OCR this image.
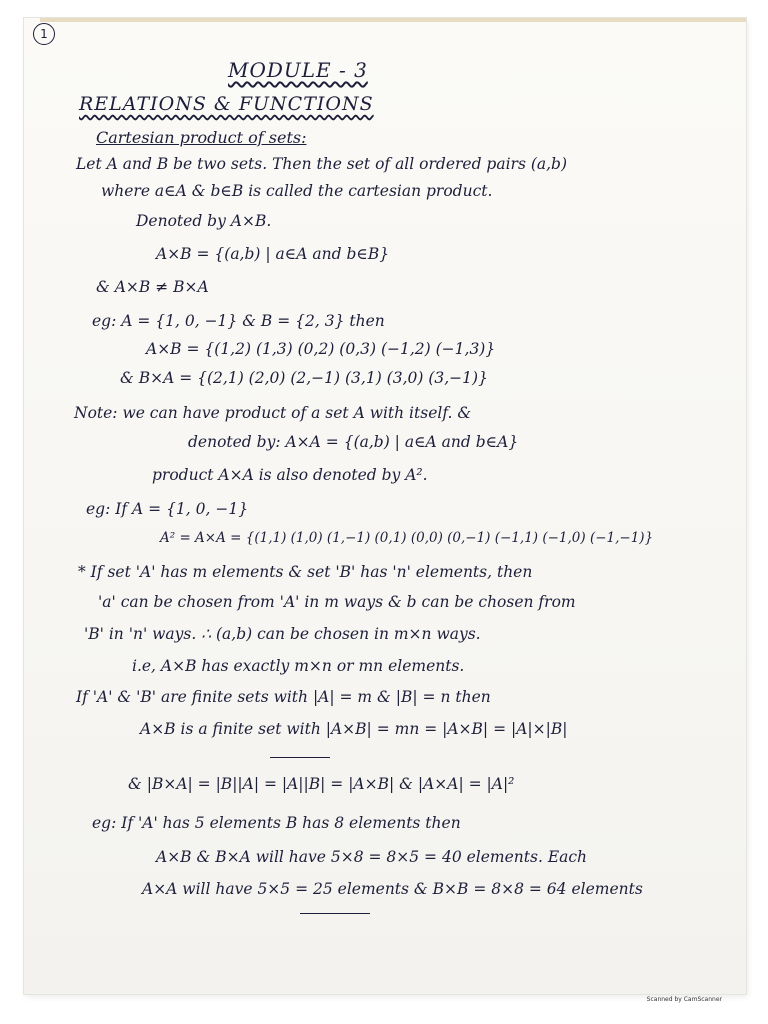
1
MODULE - 3
RELATIONS & FUNCTIONS
Cartesian product of sets:
Let A and B be two sets. Then the set of all ordered pairs (a,b)
where a∈A & b∈B is called the cartesian product.
Denoted by A×B.
A×B = {(a,b) | a∈A and b∈B}
& A×B ≠ B×A
eg: A = {1, 0, −1} & B = {2, 3} then
A×B = {(1,2) (1,3) (0,2) (0,3) (−1,2) (−1,3)}
& B×A = {(2,1) (2,0) (2,−1) (3,1) (3,0) (3,−1)}
Note: we can have product of a set A with itself. &
denoted by: A×A = {(a,b) | a∈A and b∈A}
product A×A is also denoted by A².
eg: If A = {1, 0, −1}
A² = A×A = {(1,1) (1,0) (1,−1) (0,1) (0,0) (0,−1) (−1,1) (−1,0) (−1,−1)}
* If set 'A' has m elements & set 'B' has 'n' elements, then
'a' can be chosen from 'A' in m ways & b can be chosen from
'B' in 'n' ways. ∴ (a,b) can be chosen in m×n ways.
i.e, A×B has exactly m×n or mn elements.
If 'A' & 'B' are finite sets with |A| = m & |B| = n then
A×B is a finite set with |A×B| = mn = |A×B| = |A|×|B|
& |B×A| = |B||A| = |A||B| = |A×B| & |A×A| = |A|²
eg: If 'A' has 5 elements B has 8 elements then
A×B & B×A will have 5×8 = 8×5 = 40 elements. Each
A×A will have 5×5 = 25 elements & B×B = 8×8 = 64 elements
Scanned by CamScanner
